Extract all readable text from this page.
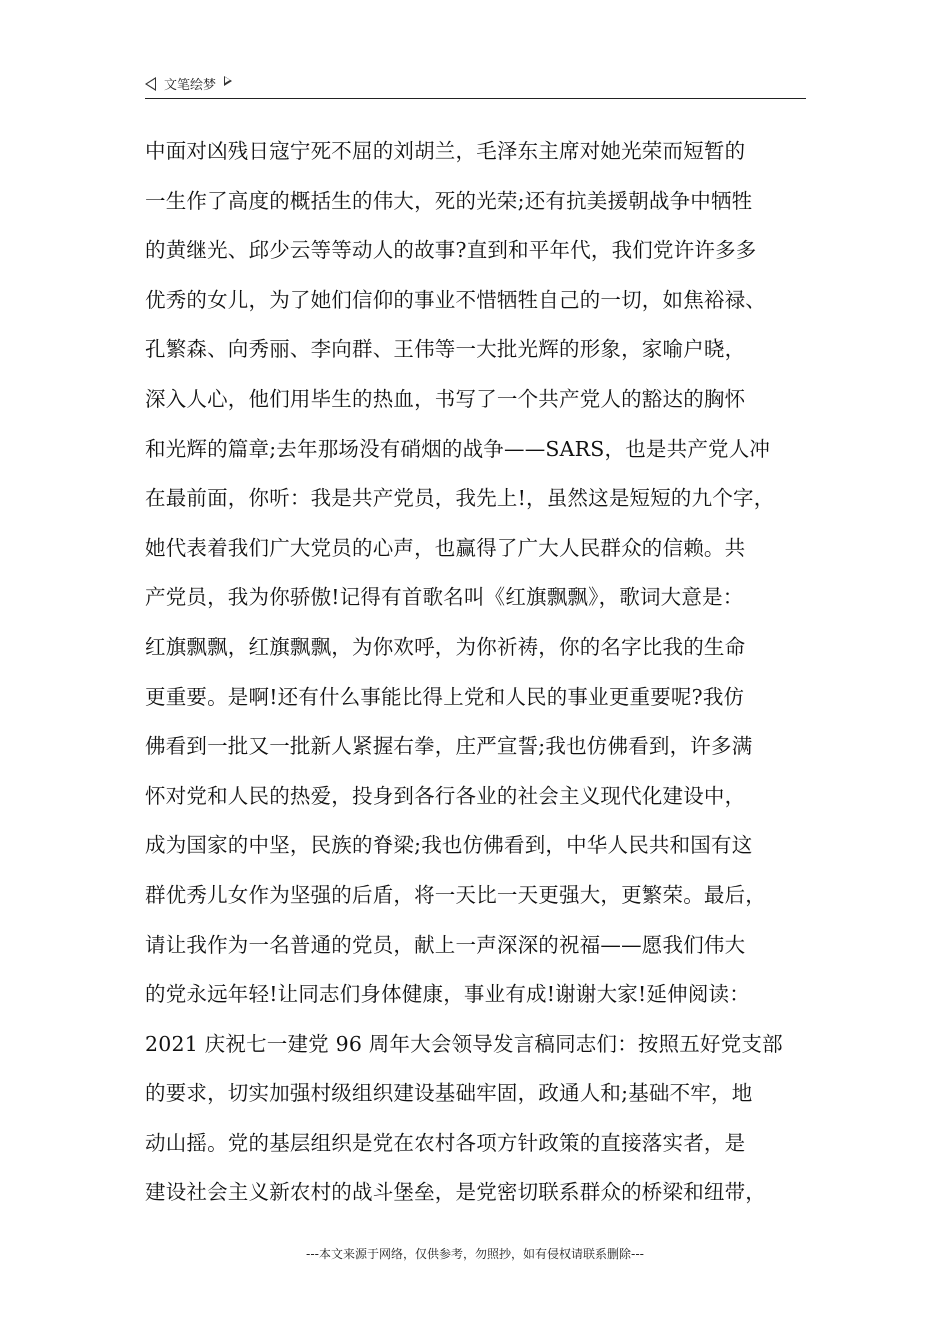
文笔绘梦
中面对凶残日寇宁死不屈的刘胡兰，毛泽东主席对她光荣而短暂的
一生作了高度的概括生的伟大，死的光荣;还有抗美援朝战争中牺牲
的黄继光、邱少云等等动人的故事?直到和平年代，我们党许许多多
优秀的女儿，为了她们信仰的事业不惜牺牲自己的一切，如焦裕禄、
孔繁森、向秀丽、李向群、王伟等一大批光辉的形象，家喻户晓，
深入人心，他们用毕生的热血，书写了一个共产党人的豁达的胸怀
和光辉的篇章;去年那场没有硝烟的战争——SARS，也是共产党人冲
在最前面，你听：我是共产党员，我先上!，虽然这是短短的九个字，
她代表着我们广大党员的心声，也赢得了广大人民群众的信赖。共
产党员，我为你骄傲!记得有首歌名叫《红旗飘飘》，歌词大意是：
红旗飘飘，红旗飘飘，为你欢呼，为你祈祷，你的名字比我的生命
更重要。是啊!还有什么事能比得上党和人民的事业更重要呢?我仿
佛看到一批又一批新人紧握右拳，庄严宣誓;我也仿佛看到，许多满
怀对党和人民的热爱，投身到各行各业的社会主义现代化建设中，
成为国家的中坚，民族的脊梁;我也仿佛看到，中华人民共和国有这
群优秀儿女作为坚强的后盾，将一天比一天更强大，更繁荣。最后，
请让我作为一名普通的党员，献上一声深深的祝福——愿我们伟大
的党永远年轻!让同志们身体健康，事业有成!谢谢大家!延伸阅读：
2021 庆祝七一建党 96 周年大会领导发言稿同志们：按照五好党支部
的要求，切实加强村级组织建设基础牢固，政通人和;基础不牢，地
动山摇。党的基层组织是党在农村各项方针政策的直接落实者，是
建设社会主义新农村的战斗堡垒，是党密切联系群众的桥梁和纽带，
---本文来源于网络，仅供参考，勿照抄，如有侵权请联系删除---
